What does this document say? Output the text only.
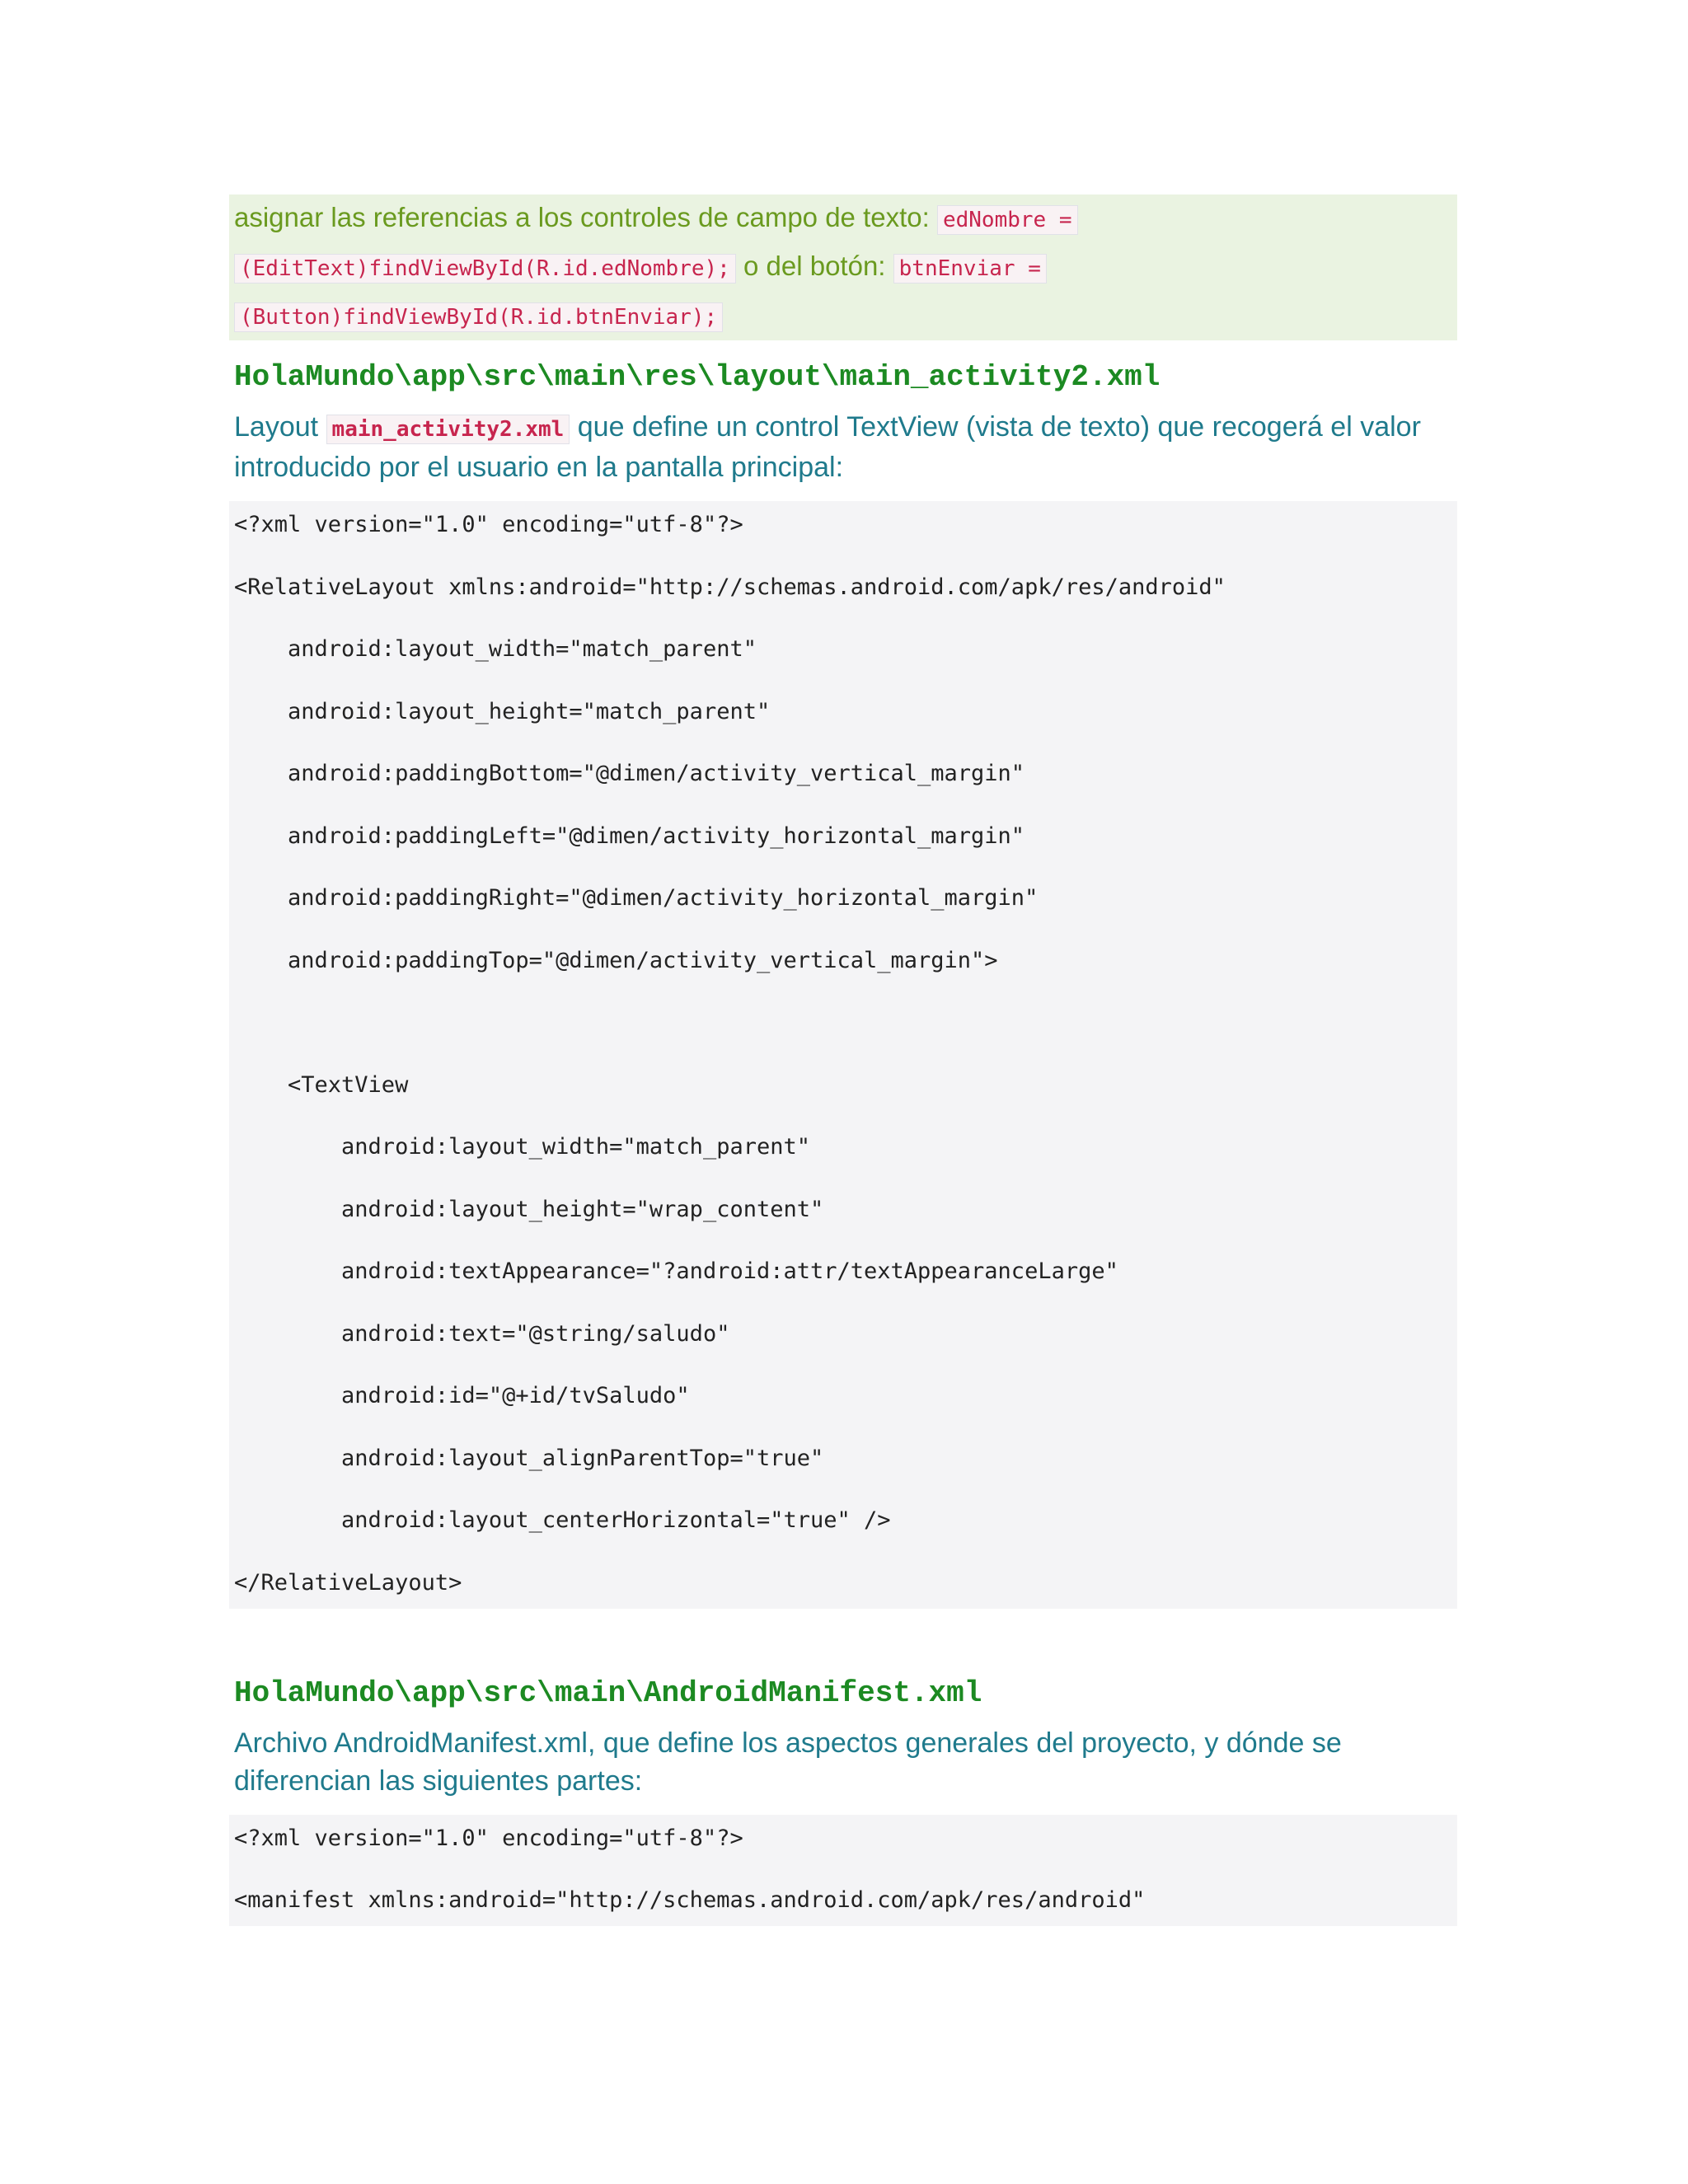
asignar las referencias a los controles de campo de texto: edNombre =
(EditText)findViewById(R.id.edNombre); o del botón: btnEnviar =
(Button)findViewById(R.id.btnEnviar);
HolaMundo\app\src\main\res\layout\main_activity2.xml
Layout main_activity2.xml que define un control TextView (vista de texto) que recogerá el valor introducido por el usuario en la pantalla principal:
<?xml version="1.0" encoding="utf-8"?>
<RelativeLayout xmlns:android="http://schemas.android.com/apk/res/android"
android:layout_width="match_parent"
android:layout_height="match_parent"
android:paddingBottom="@dimen/activity_vertical_margin"
android:paddingLeft="@dimen/activity_horizontal_margin"
android:paddingRight="@dimen/activity_horizontal_margin"
android:paddingTop="@dimen/activity_vertical_margin">
<TextView
android:layout_width="match_parent"
android:layout_height="wrap_content"
android:textAppearance="?android:attr/textAppearanceLarge"
android:text="@string/saludo"
android:id="@+id/tvSaludo"
android:layout_alignParentTop="true"
android:layout_centerHorizontal="true" />
</RelativeLayout>
HolaMundo\app\src\main\AndroidManifest.xml
Archivo AndroidManifest.xml, que define los aspectos generales del proyecto, y dónde se diferencian las siguientes partes:
<?xml version="1.0" encoding="utf-8"?>
<manifest xmlns:android="http://schemas.android.com/apk/res/android"
